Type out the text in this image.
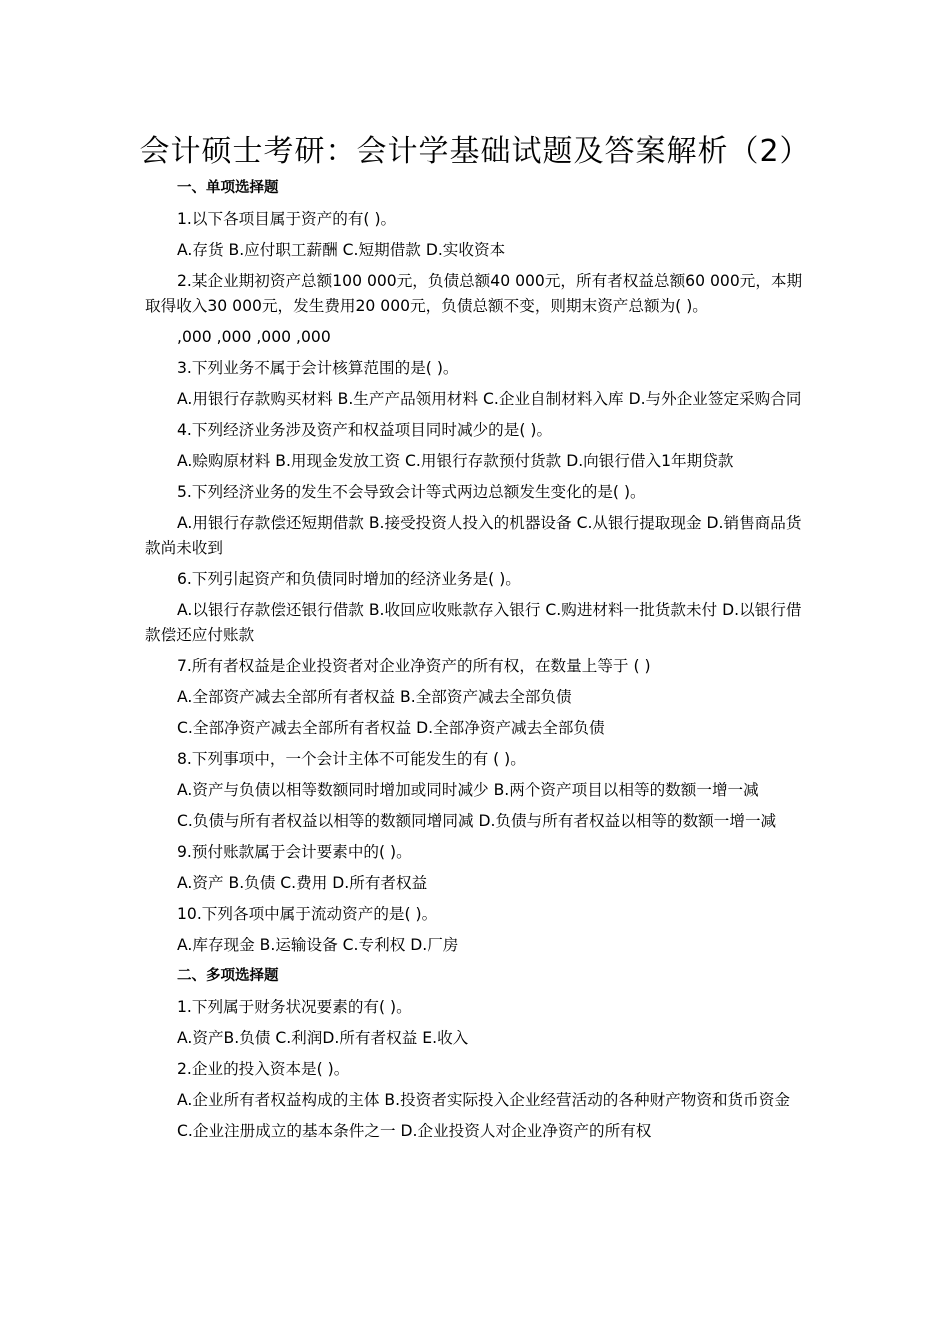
会计硕士考研：会计学基础试题及答案解析（2）

一、单项选择题

1.以下各项目属于资产的有( )。

A.存货 B.应付职工薪酬 C.短期借款 D.实收资本

2.某企业期初资产总额100 000元，负债总额40 000元，所有者权益总额60 000元，本期取得收入30 000元，发生费用20 000元，负债总额不变，则期末资产总额为( )。

,000 ,000 ,000 ,000

3.下列业务不属于会计核算范围的是( )。

A.用银行存款购买材料 B.生产产品领用材料 C.企业自制材料入库 D.与外企业签定采购合同

4.下列经济业务涉及资产和权益项目同时减少的是( )。

A.赊购原材料 B.用现金发放工资 C.用银行存款预付货款 D.向银行借入1年期贷款

5.下列经济业务的发生不会导致会计等式两边总额发生变化的是( )。

A.用银行存款偿还短期借款 B.接受投资人投入的机器设备 C.从银行提取现金 D.销售商品货款尚未收到

6.下列引起资产和负债同时增加的经济业务是( )。

A.以银行存款偿还银行借款 B.收回应收账款存入银行 C.购进材料一批货款未付 D.以银行借款偿还应付账款

7.所有者权益是企业投资者对企业净资产的所有权，在数量上等于 ( )

A.全部资产减去全部所有者权益 B.全部资产减去全部负债

C.全部净资产减去全部所有者权益 D.全部净资产减去全部负债

8.下列事项中，一个会计主体不可能发生的有 ( )。

A.资产与负债以相等数额同时增加或同时减少 B.两个资产项目以相等的数额一增一减

C.负债与所有者权益以相等的数额同增同减 D.负债与所有者权益以相等的数额一增一减

9.预付账款属于会计要素中的( )。

A.资产 B.负债 C.费用 D.所有者权益

10.下列各项中属于流动资产的是( )。

A.库存现金 B.运输设备 C.专利权 D.厂房

二、多项选择题

1.下列属于财务状况要素的有( )。

A.资产B.负债 C.利润D.所有者权益 E.收入

2.企业的投入资本是( )。

A.企业所有者权益构成的主体 B.投资者实际投入企业经营活动的各种财产物资和货币资金

C.企业注册成立的基本条件之一 D.企业投资人对企业净资产的所有权
